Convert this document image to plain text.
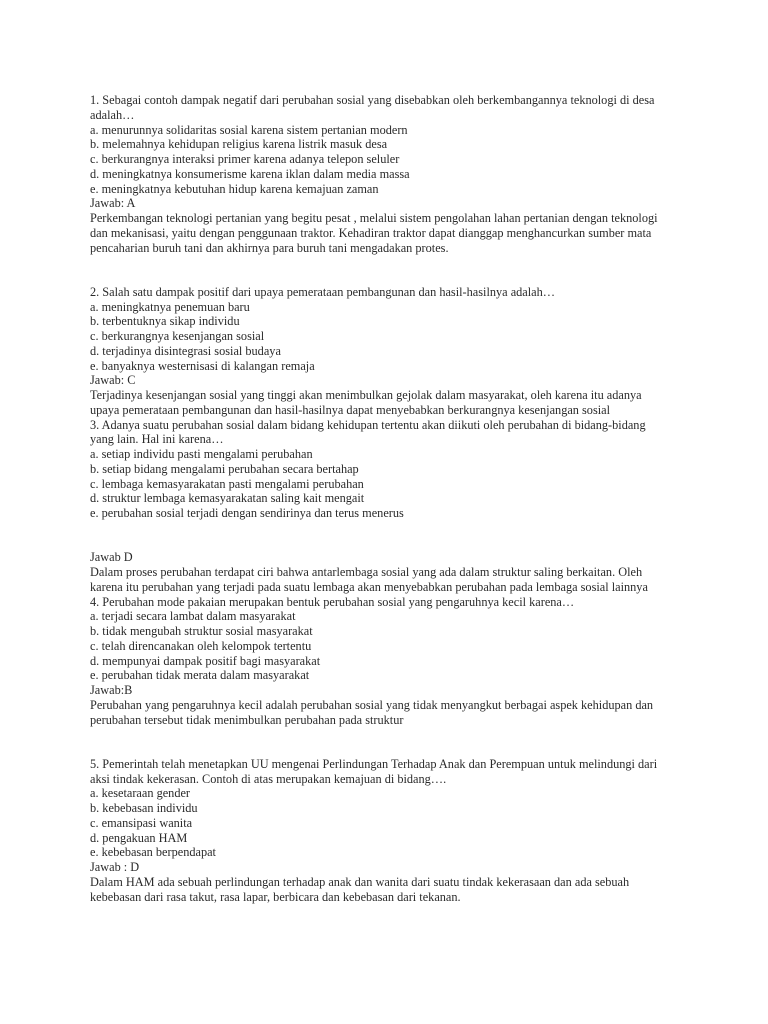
1. Sebagai contoh dampak negatif dari perubahan sosial yang disebabkan oleh berkembangannya teknologi di desa
adalah…
a. menurunnya solidaritas sosial karena sistem pertanian modern
b. melemahnya kehidupan religius karena listrik masuk desa
c. berkurangnya interaksi primer karena adanya telepon seluler
d. meningkatnya konsumerisme karena iklan dalam media massa
e. meningkatnya kebutuhan hidup karena kemajuan zaman
Jawab: A
Perkembangan teknologi pertanian yang begitu pesat , melalui sistem pengolahan lahan pertanian dengan teknologi
dan mekanisasi, yaitu dengan penggunaan traktor. Kehadiran traktor dapat dianggap menghancurkan sumber mata
pencaharian buruh tani dan akhirnya para buruh tani mengadakan protes.
2. Salah satu dampak positif dari upaya pemerataan pembangunan dan hasil-hasilnya adalah…
a. meningkatnya penemuan baru
b. terbentuknya sikap individu
c. berkurangnya kesenjangan sosial
d. terjadinya disintegrasi sosial budaya
e. banyaknya westernisasi di kalangan remaja
Jawab: C
Terjadinya kesenjangan sosial yang tinggi akan menimbulkan gejolak dalam masyarakat, oleh karena itu adanya
upaya pemerataan pembangunan dan hasil-hasilnya dapat menyebabkan berkurangnya kesenjangan sosial
3. Adanya suatu perubahan sosial dalam bidang kehidupan tertentu akan diikuti oleh perubahan di bidang-bidang
yang lain. Hal ini karena…
a. setiap individu pasti mengalami perubahan
b. setiap bidang mengalami perubahan secara bertahap
c. lembaga kemasyarakatan pasti mengalami perubahan
d. struktur lembaga kemasyarakatan saling kait mengait
e. perubahan sosial terjadi dengan sendirinya dan terus menerus
Jawab D
Dalam proses perubahan terdapat ciri bahwa antarlembaga sosial yang ada dalam struktur saling berkaitan. Oleh
karena itu perubahan yang terjadi pada suatu lembaga akan menyebabkan perubahan pada lembaga sosial lainnya
4. Perubahan mode pakaian merupakan bentuk perubahan sosial yang pengaruhnya kecil karena…
a. terjadi secara lambat dalam masyarakat
b. tidak mengubah struktur sosial masyarakat
c. telah direncanakan oleh kelompok tertentu
d. mempunyai dampak positif bagi masyarakat
e. perubahan tidak merata dalam masyarakat
Jawab:B
Perubahan yang pengaruhnya kecil adalah perubahan sosial yang tidak menyangkut berbagai aspek kehidupan dan
perubahan tersebut tidak menimbulkan perubahan pada struktur
5. Pemerintah telah menetapkan UU mengenai Perlindungan Terhadap Anak dan Perempuan untuk melindungi dari
aksi tindak kekerasan. Contoh di atas merupakan kemajuan di bidang….
a. kesetaraan gender
b. kebebasan individu
c. emansipasi wanita
d. pengakuan HAM
e. kebebasan berpendapat
Jawab : D
Dalam HAM ada sebuah perlindungan terhadap anak dan wanita dari suatu tindak kekerasaan dan ada sebuah
kebebasan dari rasa takut, rasa lapar, berbicara dan kebebasan dari tekanan.
